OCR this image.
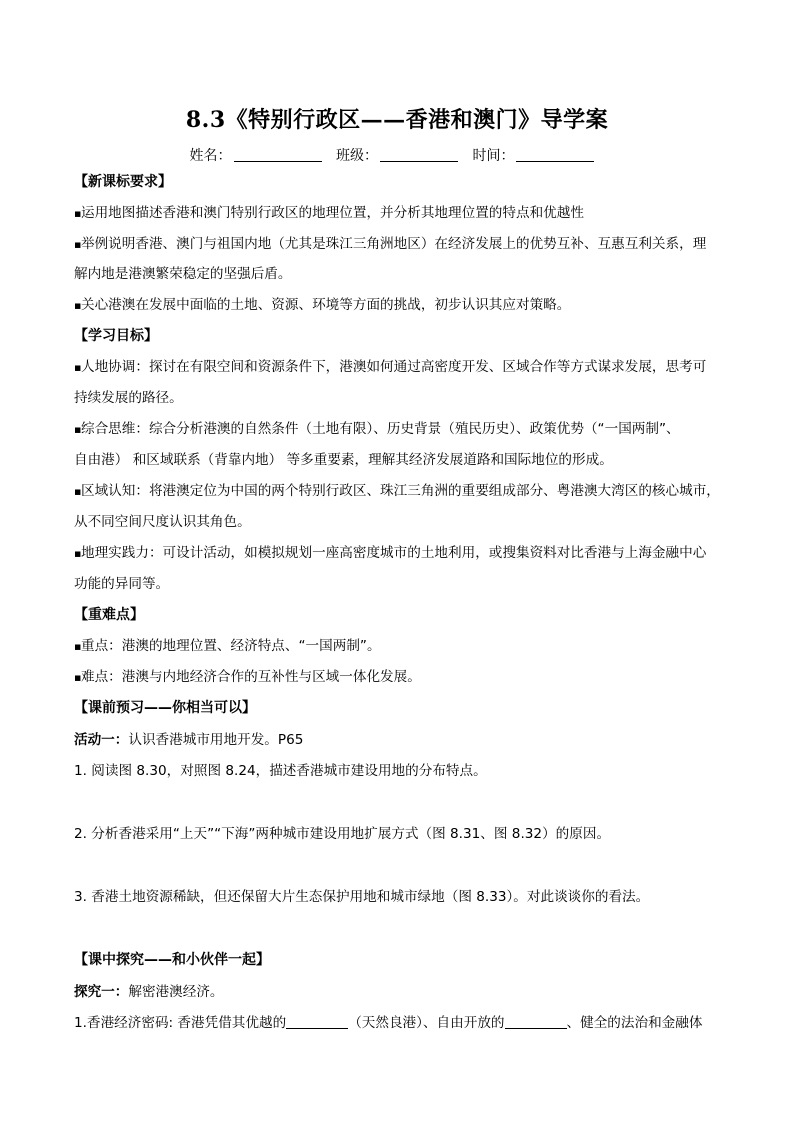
8.3《特别行政区——香港和澳门》导学案
姓名：	班级：	时间：
【新课标要求】
▪运用地图描述香港和澳门特别行政区的地理位置，并分析其地理位置的特点和优越性
▪举例说明香港、澳门与祖国内地（尤其是珠江三角洲地区）在经济发展上的优势互补、互惠互利关系，理
解内地是港澳繁荣稳定的坚强后盾。
▪关心港澳在发展中面临的土地、资源、环境等方面的挑战，初步认识其应对策略。
【学习目标】
▪人地协调：探讨在有限空间和资源条件下，港澳如何通过高密度开发、区域合作等方式谋求发展，思考可
持续发展的路径。
▪综合思维：综合分析港澳的自然条件（土地有限）、历史背景（殖民历史）、政策优势（“一国两制”、
自由港） 和区域联系（背靠内地） 等多重要素，理解其经济发展道路和国际地位的形成。
▪区域认知：将港澳定位为中国的两个特别行政区、珠江三角洲的重要组成部分、粤港澳大湾区的核心城市，
从不同空间尺度认识其角色。
▪地理实践力：可设计活动，如模拟规划一座高密度城市的土地利用，或搜集资料对比香港与上海金融中心
功能的异同等。
【重难点】
▪重点：港澳的地理位置、经济特点、“一国两制”。
▪难点：港澳与内地经济合作的互补性与区域一体化发展。
【课前预习——你相当可以】
活动一：认识香港城市用地开发。P65
1. 阅读图 8.30，对照图 8.24，描述香港城市建设用地的分布特点。
2. 分析香港采用“上天”“下海”两种城市建设用地扩展方式（图 8.31、图 8.32）的原因。
3. 香港土地资源稀缺，但还保留大片生态保护用地和城市绿地（图 8.33）。对此谈谈你的看法。
【课中探究——和小伙伴一起】
探究一：解密港澳经济。
1.香港经济密码: 香港凭借其优越的	（天然良港）、自由开放的	、健全的法治和金融体
